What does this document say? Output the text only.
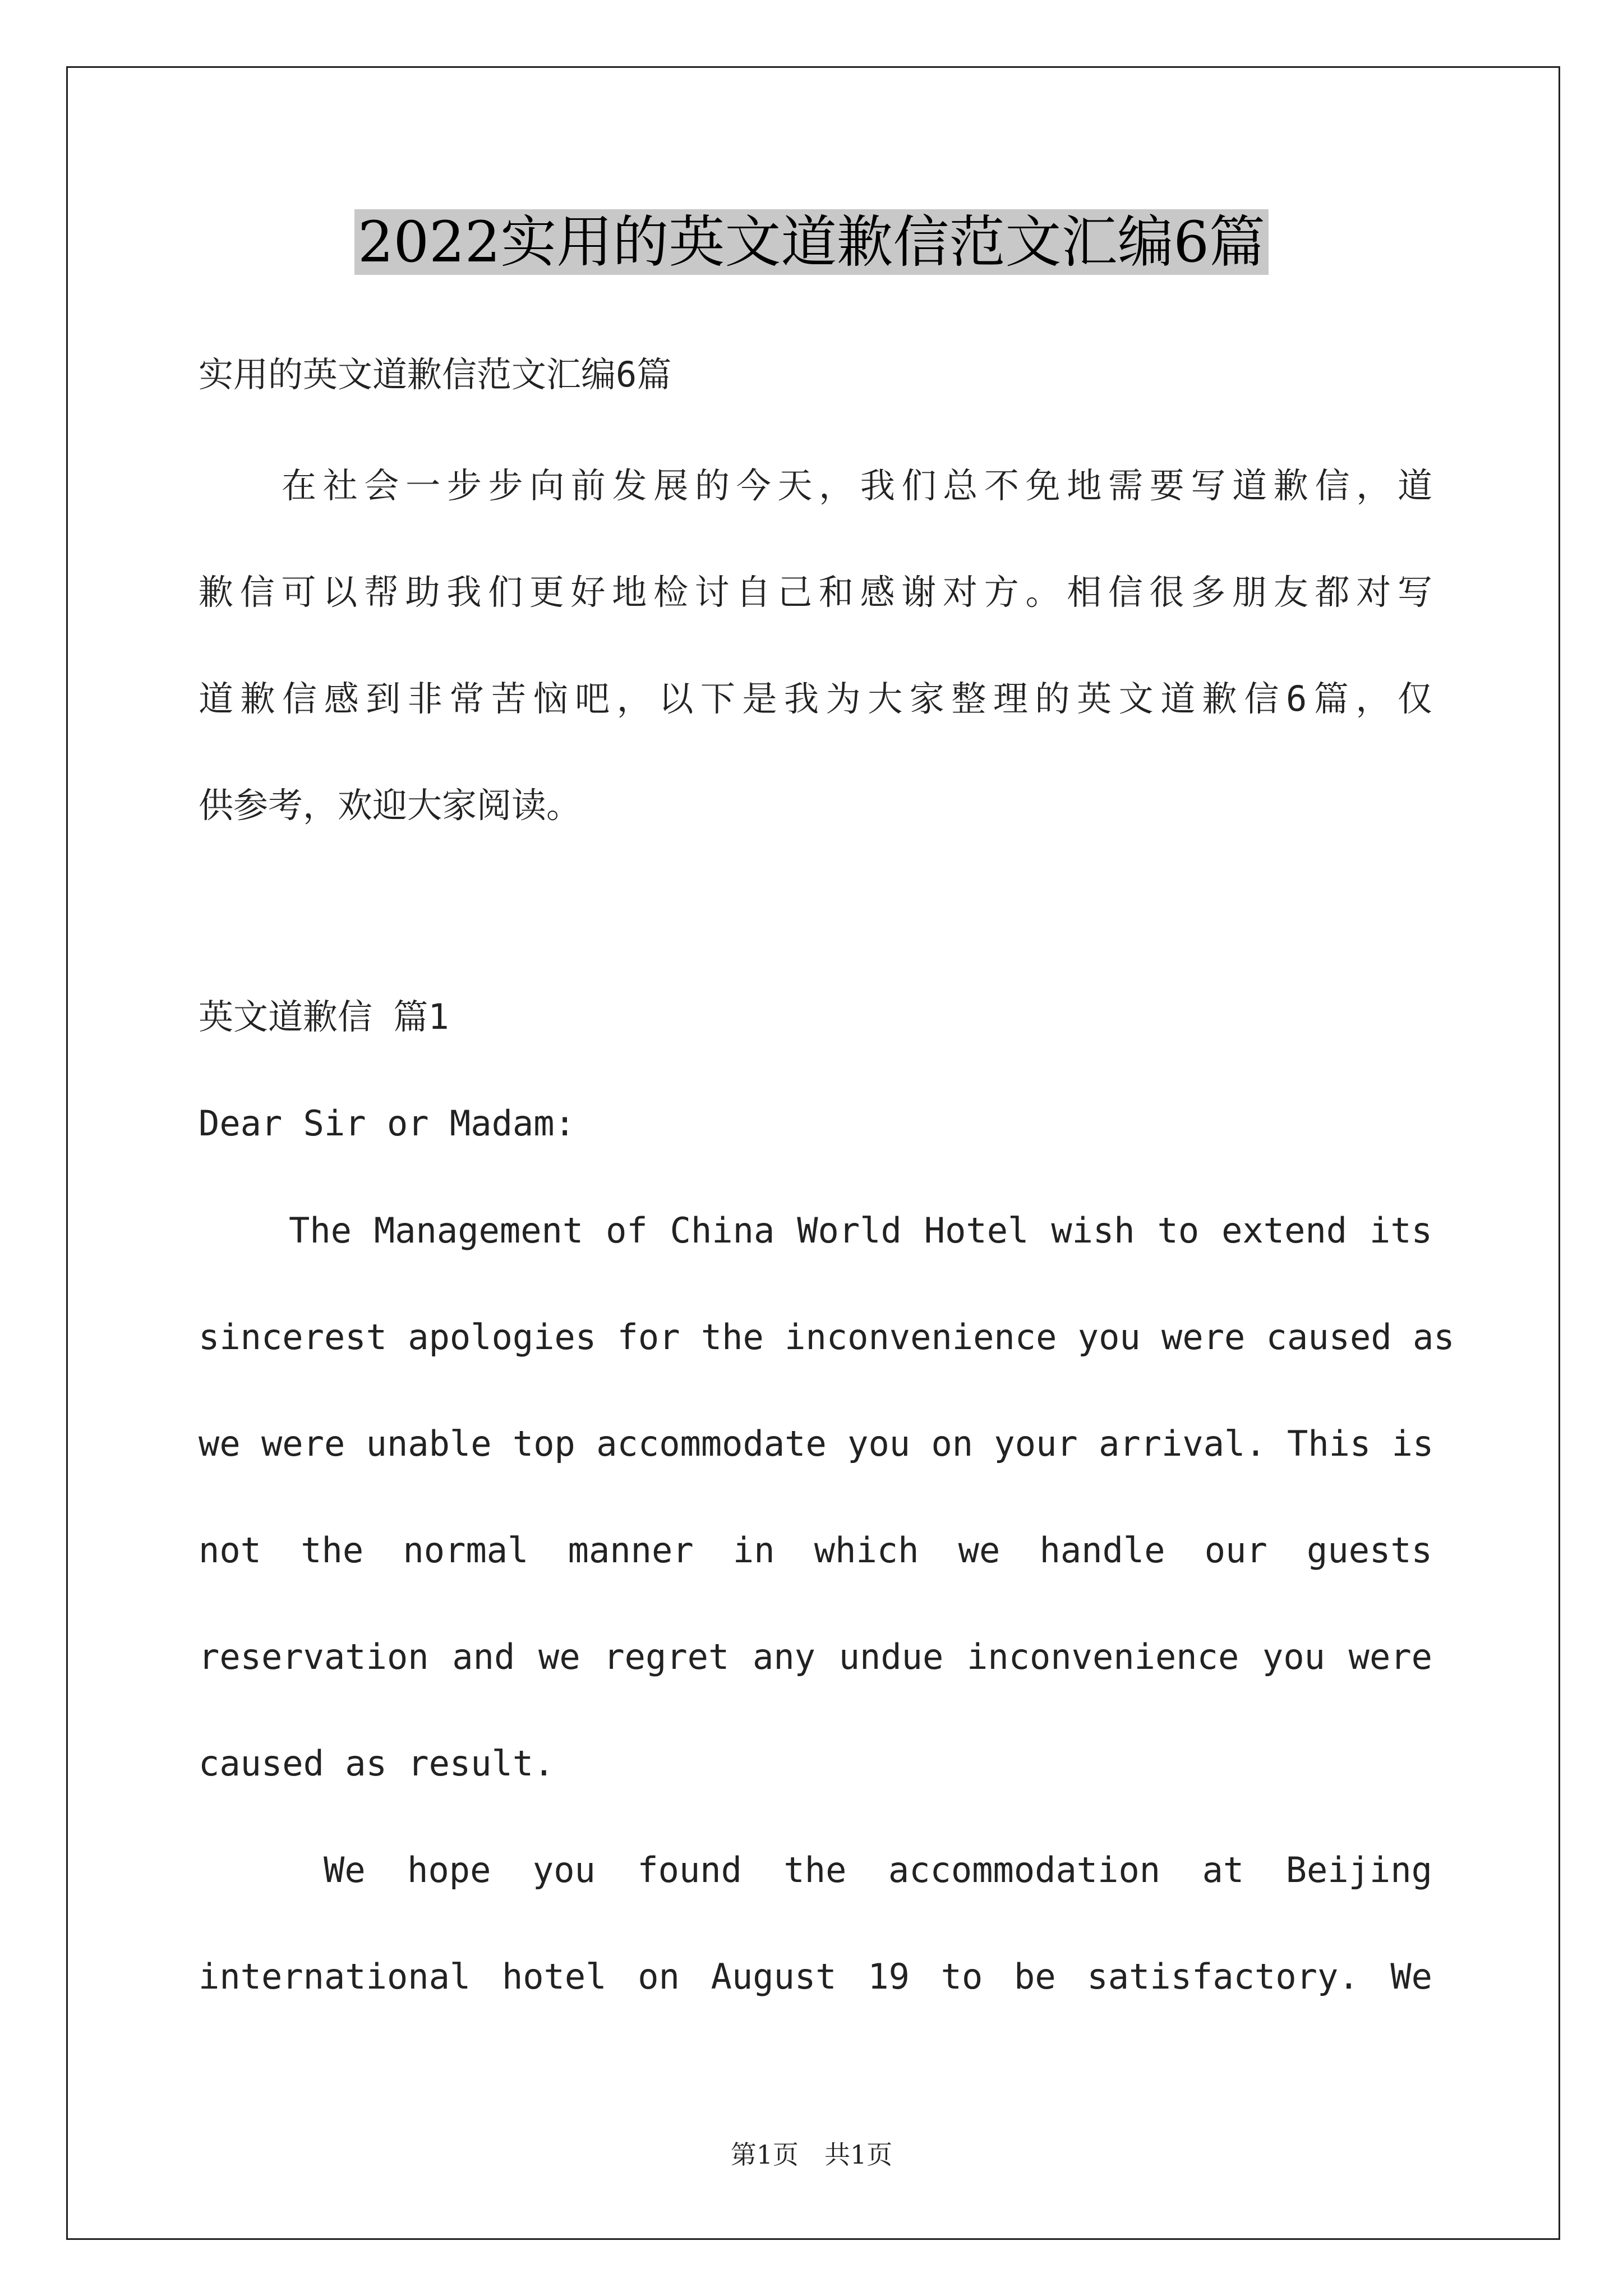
2022实用的英文道歉信范文汇编6篇
实用的英文道歉信范文汇编6篇
在社会一步步向前发展的今天，我们总不免地需要写道歉信，道
歉信可以帮助我们更好地检讨自己和感谢对方。相信很多朋友都对写
道歉信感到非常苦恼吧，以下是我为大家整理的英文道歉信6篇，仅
供参考，欢迎大家阅读。
英文道歉信 篇1
Dear Sir or Madam:
The Management of China World Hotel wish to extend its
sincerest apologies for the inconvenience you were caused as
we were unable top accommodate you on your arrival. This is
not the normal manner in which we handle our guests
reservation and we regret any undue inconvenience you were
caused as result.
We hope you found the accommodation at Beijing
international hotel on August 19 to be satisfactory. We
第1页　共1页
